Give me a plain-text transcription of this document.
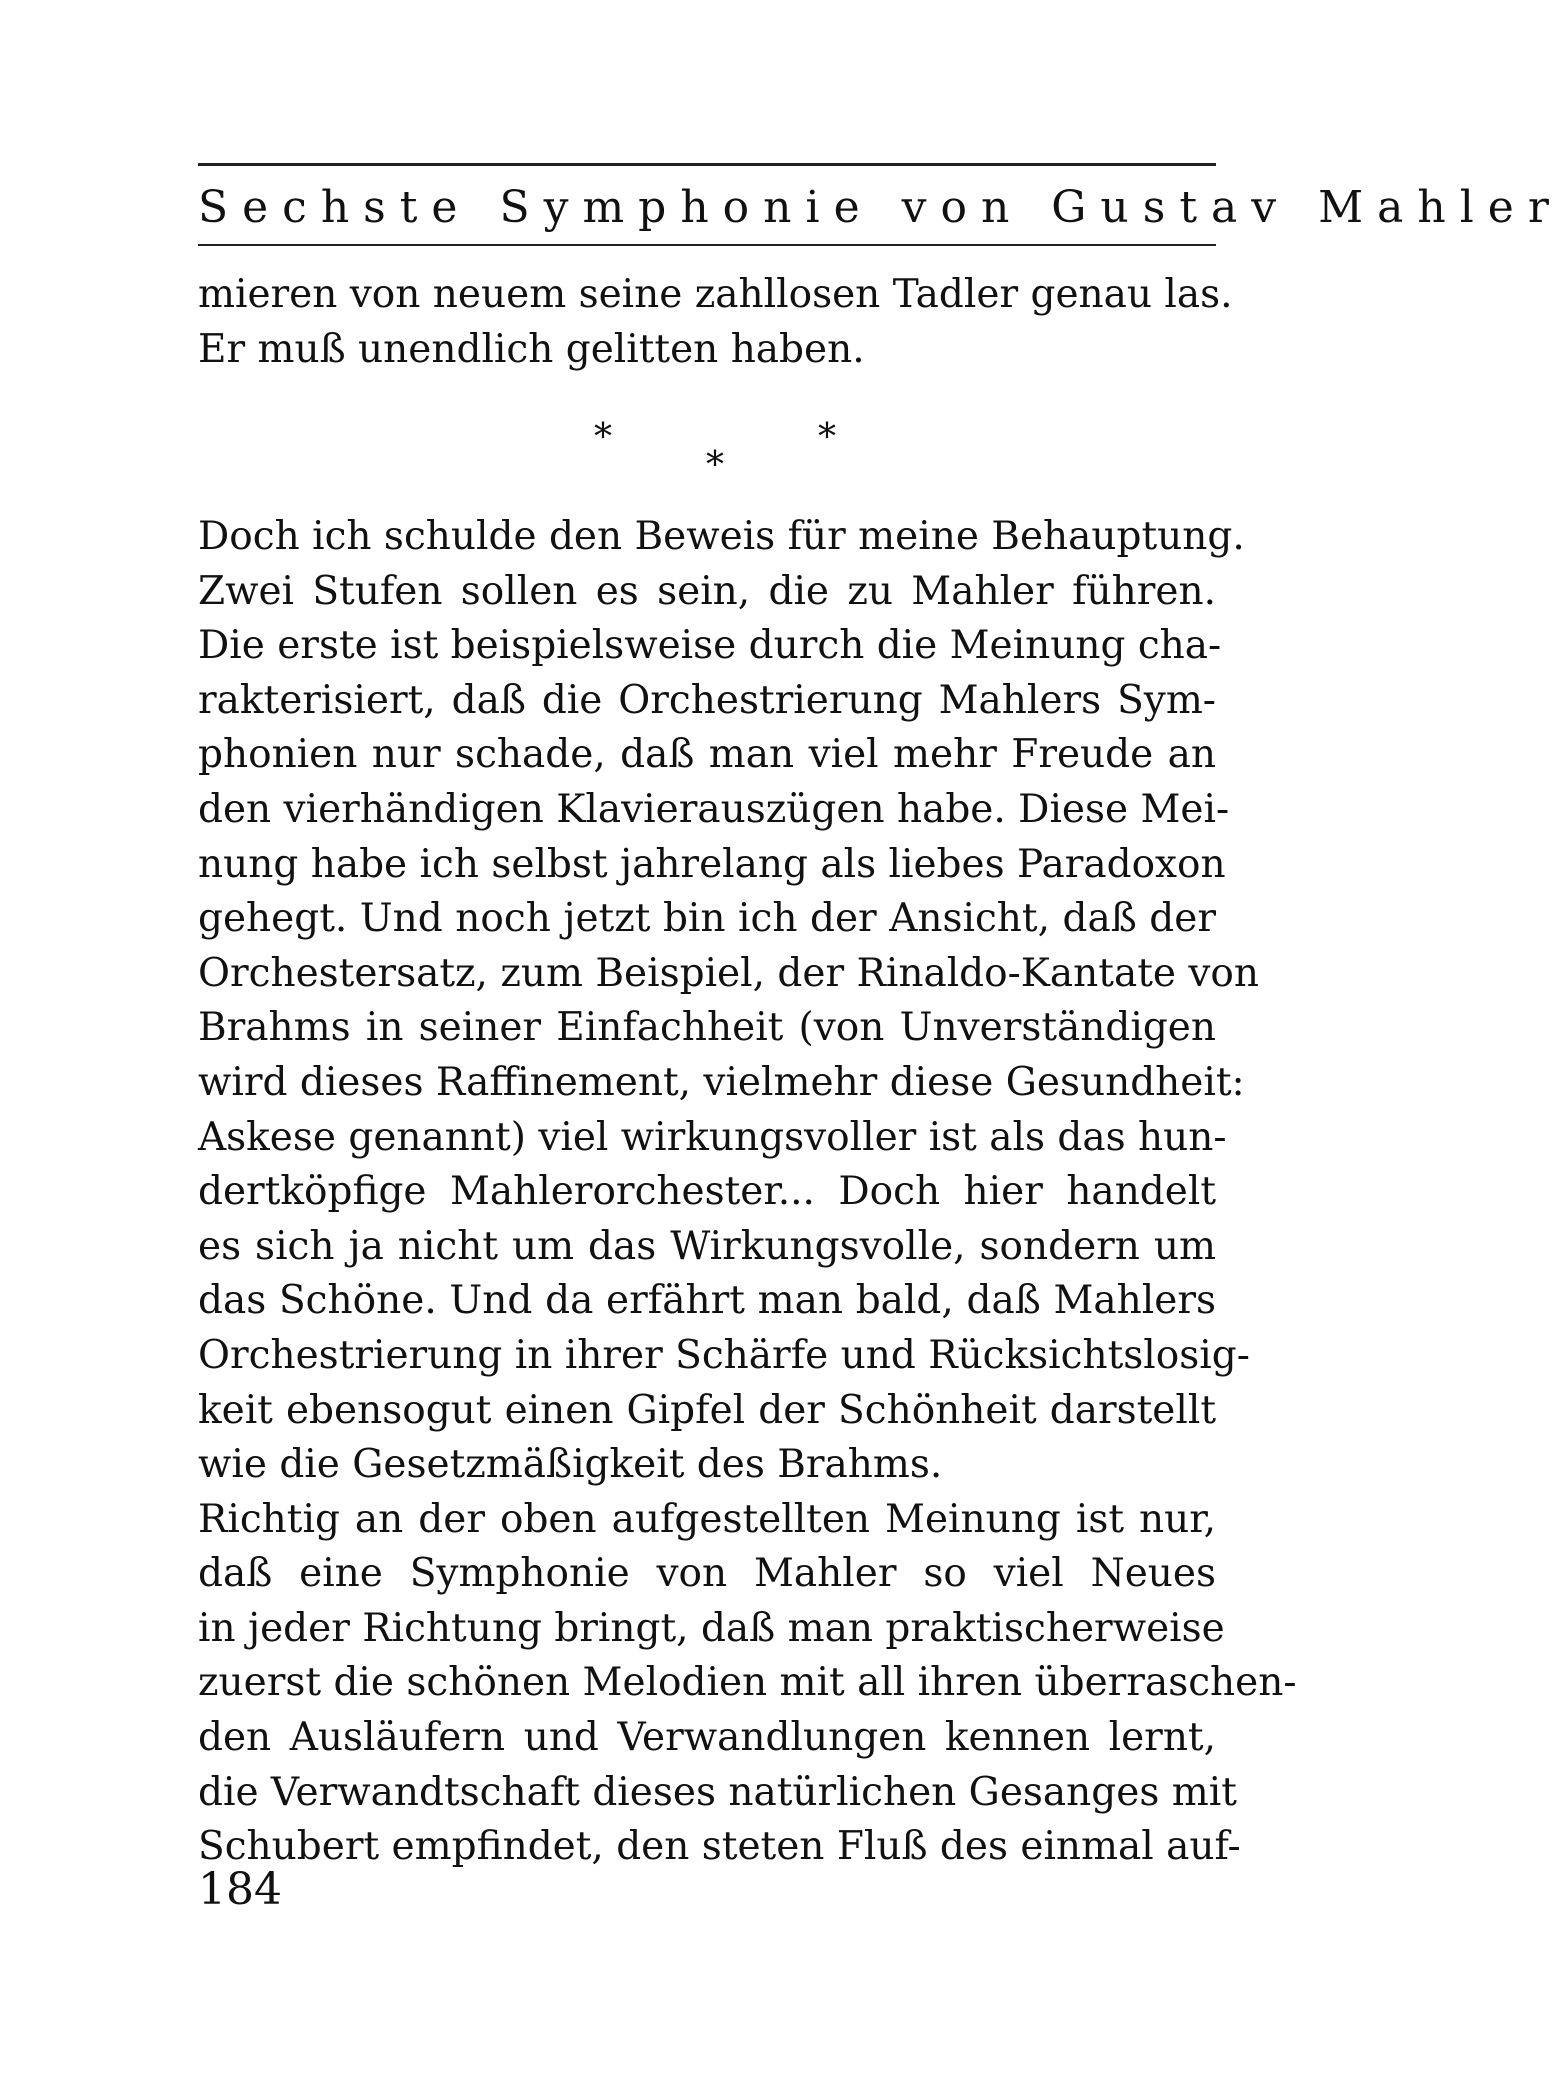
Sechste Symphonie von Gustav Mahler
mieren von neuem seine zahllosen Tadler genau las.
Er muß unendlich gelitten haben.
*
*
*
Doch ich schulde den Beweis für meine Behauptung.
Zwei Stufen sollen es sein, die zu Mahler führen.
Die erste ist beispielsweise durch die Meinung cha-
rakterisiert, daß die Orchestrierung Mahlers Sym-
phonien nur schade, daß man viel mehr Freude an
den vierhändigen Klavierauszügen habe. Diese Mei-
nung habe ich selbst jahrelang als liebes Paradoxon
gehegt. Und noch jetzt bin ich der Ansicht, daß der
Orchestersatz, zum Beispiel, der Rinaldo-Kantate von
Brahms in seiner Einfachheit (von Unverständigen
wird dieses Raffinement, vielmehr diese Gesundheit:
Askese genannt) viel wirkungsvoller ist als das hun-
dertköpfige Mahlerorchester... Doch hier handelt
es sich ja nicht um das Wirkungsvolle, sondern um
das Schöne. Und da erfährt man bald, daß Mahlers
Orchestrierung in ihrer Schärfe und Rücksichtslosig-
keit ebensogut einen Gipfel der Schönheit darstellt
wie die Gesetzmäßigkeit des Brahms.
Richtig an der oben aufgestellten Meinung ist nur,
daß eine Symphonie von Mahler so viel Neues
in jeder Richtung bringt, daß man praktischerweise
zuerst die schönen Melodien mit all ihren überraschen-
den Ausläufern und Verwandlungen kennen lernt,
die Verwandtschaft dieses natürlichen Gesanges mit
Schubert empfindet, den steten Fluß des einmal auf-
184
